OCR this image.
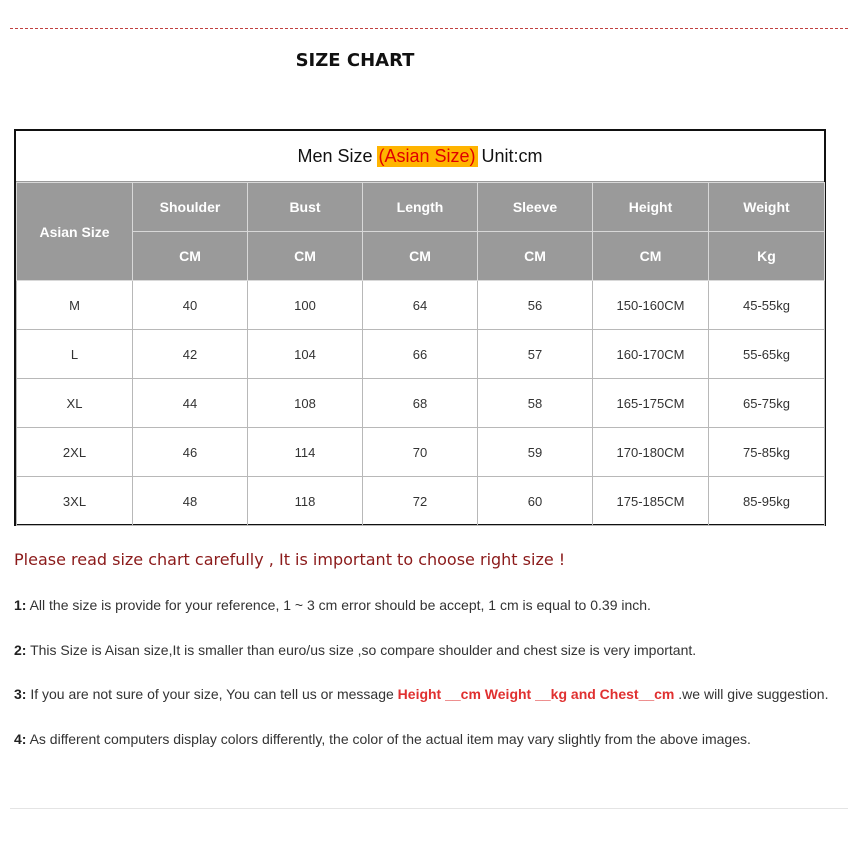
SIZE CHART
Men Size (Asian Size) Unit:cm
Asian Size	Shoulder	Bust	Length	Sleeve	Height	Weight
	CM	CM	CM	CM	CM	Kg
M	40	100	64	56	150-160CM	45-55kg
L	42	104	66	57	160-170CM	55-65kg
XL	44	108	68	58	165-175CM	65-75kg
2XL	46	114	70	59	170-180CM	75-85kg
3XL	48	118	72	60	175-185CM	85-95kg
Please read size chart carefully , It is important to choose right size !
1: All the size is provide for your reference, 1 ~ 3 cm error should be accept, 1 cm is equal to 0.39 inch.
2: This Size is Aisan size,It is smaller than euro/us size ,so compare shoulder and chest size is very important.
3: If you are not sure of your size, You can tell us or message Height __cm Weight __kg and Chest__cm .we will give suggestion.
4: As different computers display colors differently, the color of the actual item may vary slightly from the above images.
